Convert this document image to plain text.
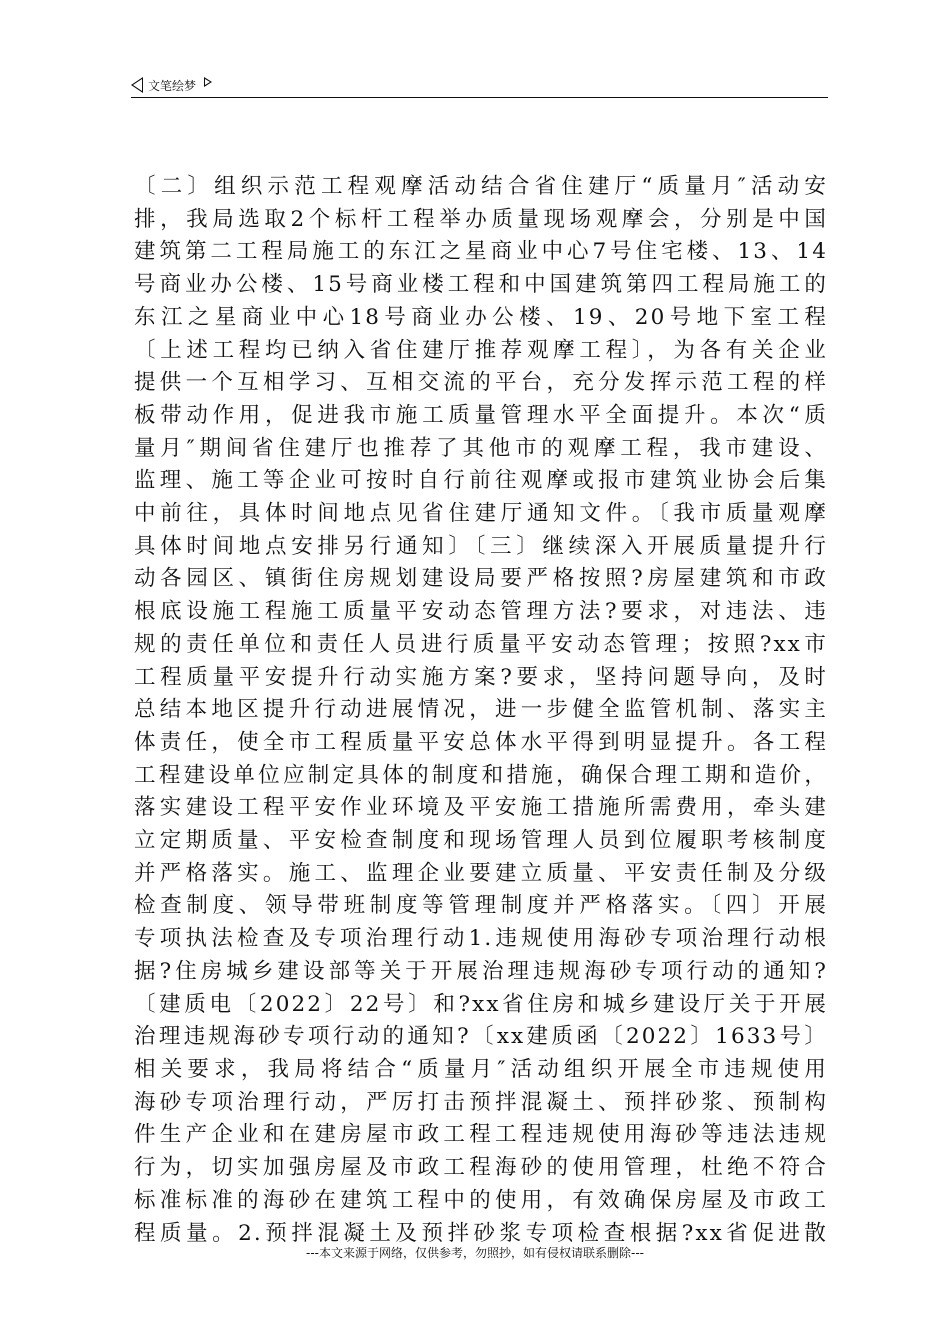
文笔绘梦
〔二〕组织示范工程观摩活动结合省住建厅“质量月″活动安
排，我局选取2个标杆工程举办质量现场观摩会，分别是中国
建筑第二工程局施工的东江之星商业中心7号住宅楼、13、14
号商业办公楼、15号商业楼工程和中国建筑第四工程局施工的
东江之星商业中心18号商业办公楼、19、20号地下室工程
〔上述工程均已纳入省住建厅推荐观摩工程〕，为各有关企业
提供一个互相学习、互相交流的平台，充分发挥示范工程的样
板带动作用，促进我市施工质量管理水平全面提升。本次“质
量月″期间省住建厅也推荐了其他市的观摩工程，我市建设、
监理、施工等企业可按时自行前往观摩或报市建筑业协会后集
中前往，具体时间地点见省住建厅通知文件。〔我市质量观摩
具体时间地点安排另行通知〕〔三〕继续深入开展质量提升行
动各园区、镇街住房规划建设局要严格按照?房屋建筑和市政
根底设施工程施工质量平安动态管理方法?要求，对违法、违
规的责任单位和责任人员进行质量平安动态管理；按照?xx市
工程质量平安提升行动实施方案?要求，坚持问题导向，及时
总结本地区提升行动进展情况，进一步健全监管机制、落实主
体责任，使全市工程质量平安总体水平得到明显提升。各工程
工程建设单位应制定具体的制度和措施，确保合理工期和造价，
落实建设工程平安作业环境及平安施工措施所需费用，牵头建
立定期质量、平安检查制度和现场管理人员到位履职考核制度
并严格落实。施工、监理企业要建立质量、平安责任制及分级
检查制度、领导带班制度等管理制度并严格落实。〔四〕开展
专项执法检查及专项治理行动1.违规使用海砂专项治理行动根
据?住房城乡建设部等关于开展治理违规海砂专项行动的通知?
〔建质电〔2022〕22号〕和?xx省住房和城乡建设厅关于开展
治理违规海砂专项行动的通知?〔xx建质函〔2022〕1633号〕
相关要求，我局将结合“质量月″活动组织开展全市违规使用
海砂专项治理行动，严厉打击预拌混凝土、预拌砂浆、预制构
件生产企业和在建房屋市政工程工程违规使用海砂等违法违规
行为，切实加强房屋及市政工程海砂的使用管理，杜绝不符合
标准标准的海砂在建筑工程中的使用，有效确保房屋及市政工
程质量。2.预拌混凝土及预拌砂浆专项检查根据?xx省促进散
---本文来源于网络，仅供参考，勿照抄，如有侵权请联系删除---
